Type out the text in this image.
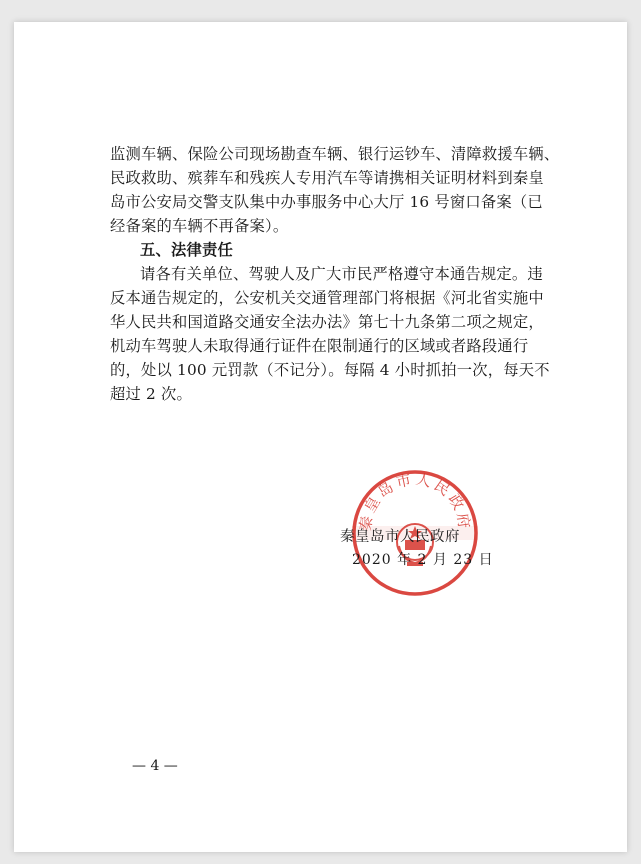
监测车辆、保险公司现场勘查车辆、银行运钞车、清障救援车辆、
民政救助、殡葬车和残疾人专用汽车等请携相关证明材料到秦皇
岛市公安局交警支队集中办事服务中心大厅 16 号窗口备案（已
经备案的车辆不再备案）。
五、法律责任
请各有关单位、驾驶人及广大市民严格遵守本通告规定。违
反本通告规定的，公安机关交通管理部门将根据《河北省实施中
华人民共和国道路交通安全法办法》第七十九条第二项之规定，
机动车驾驶人未取得通行证件在限制通行的区域或者路段通行
的，处以 100 元罚款（不记分）。每隔 4 小时抓拍一次，每天不
超过 2 次。
秦皇岛市人民政府
秦皇岛市人民政府
2020 年 2 月 23 日
— 4 —
